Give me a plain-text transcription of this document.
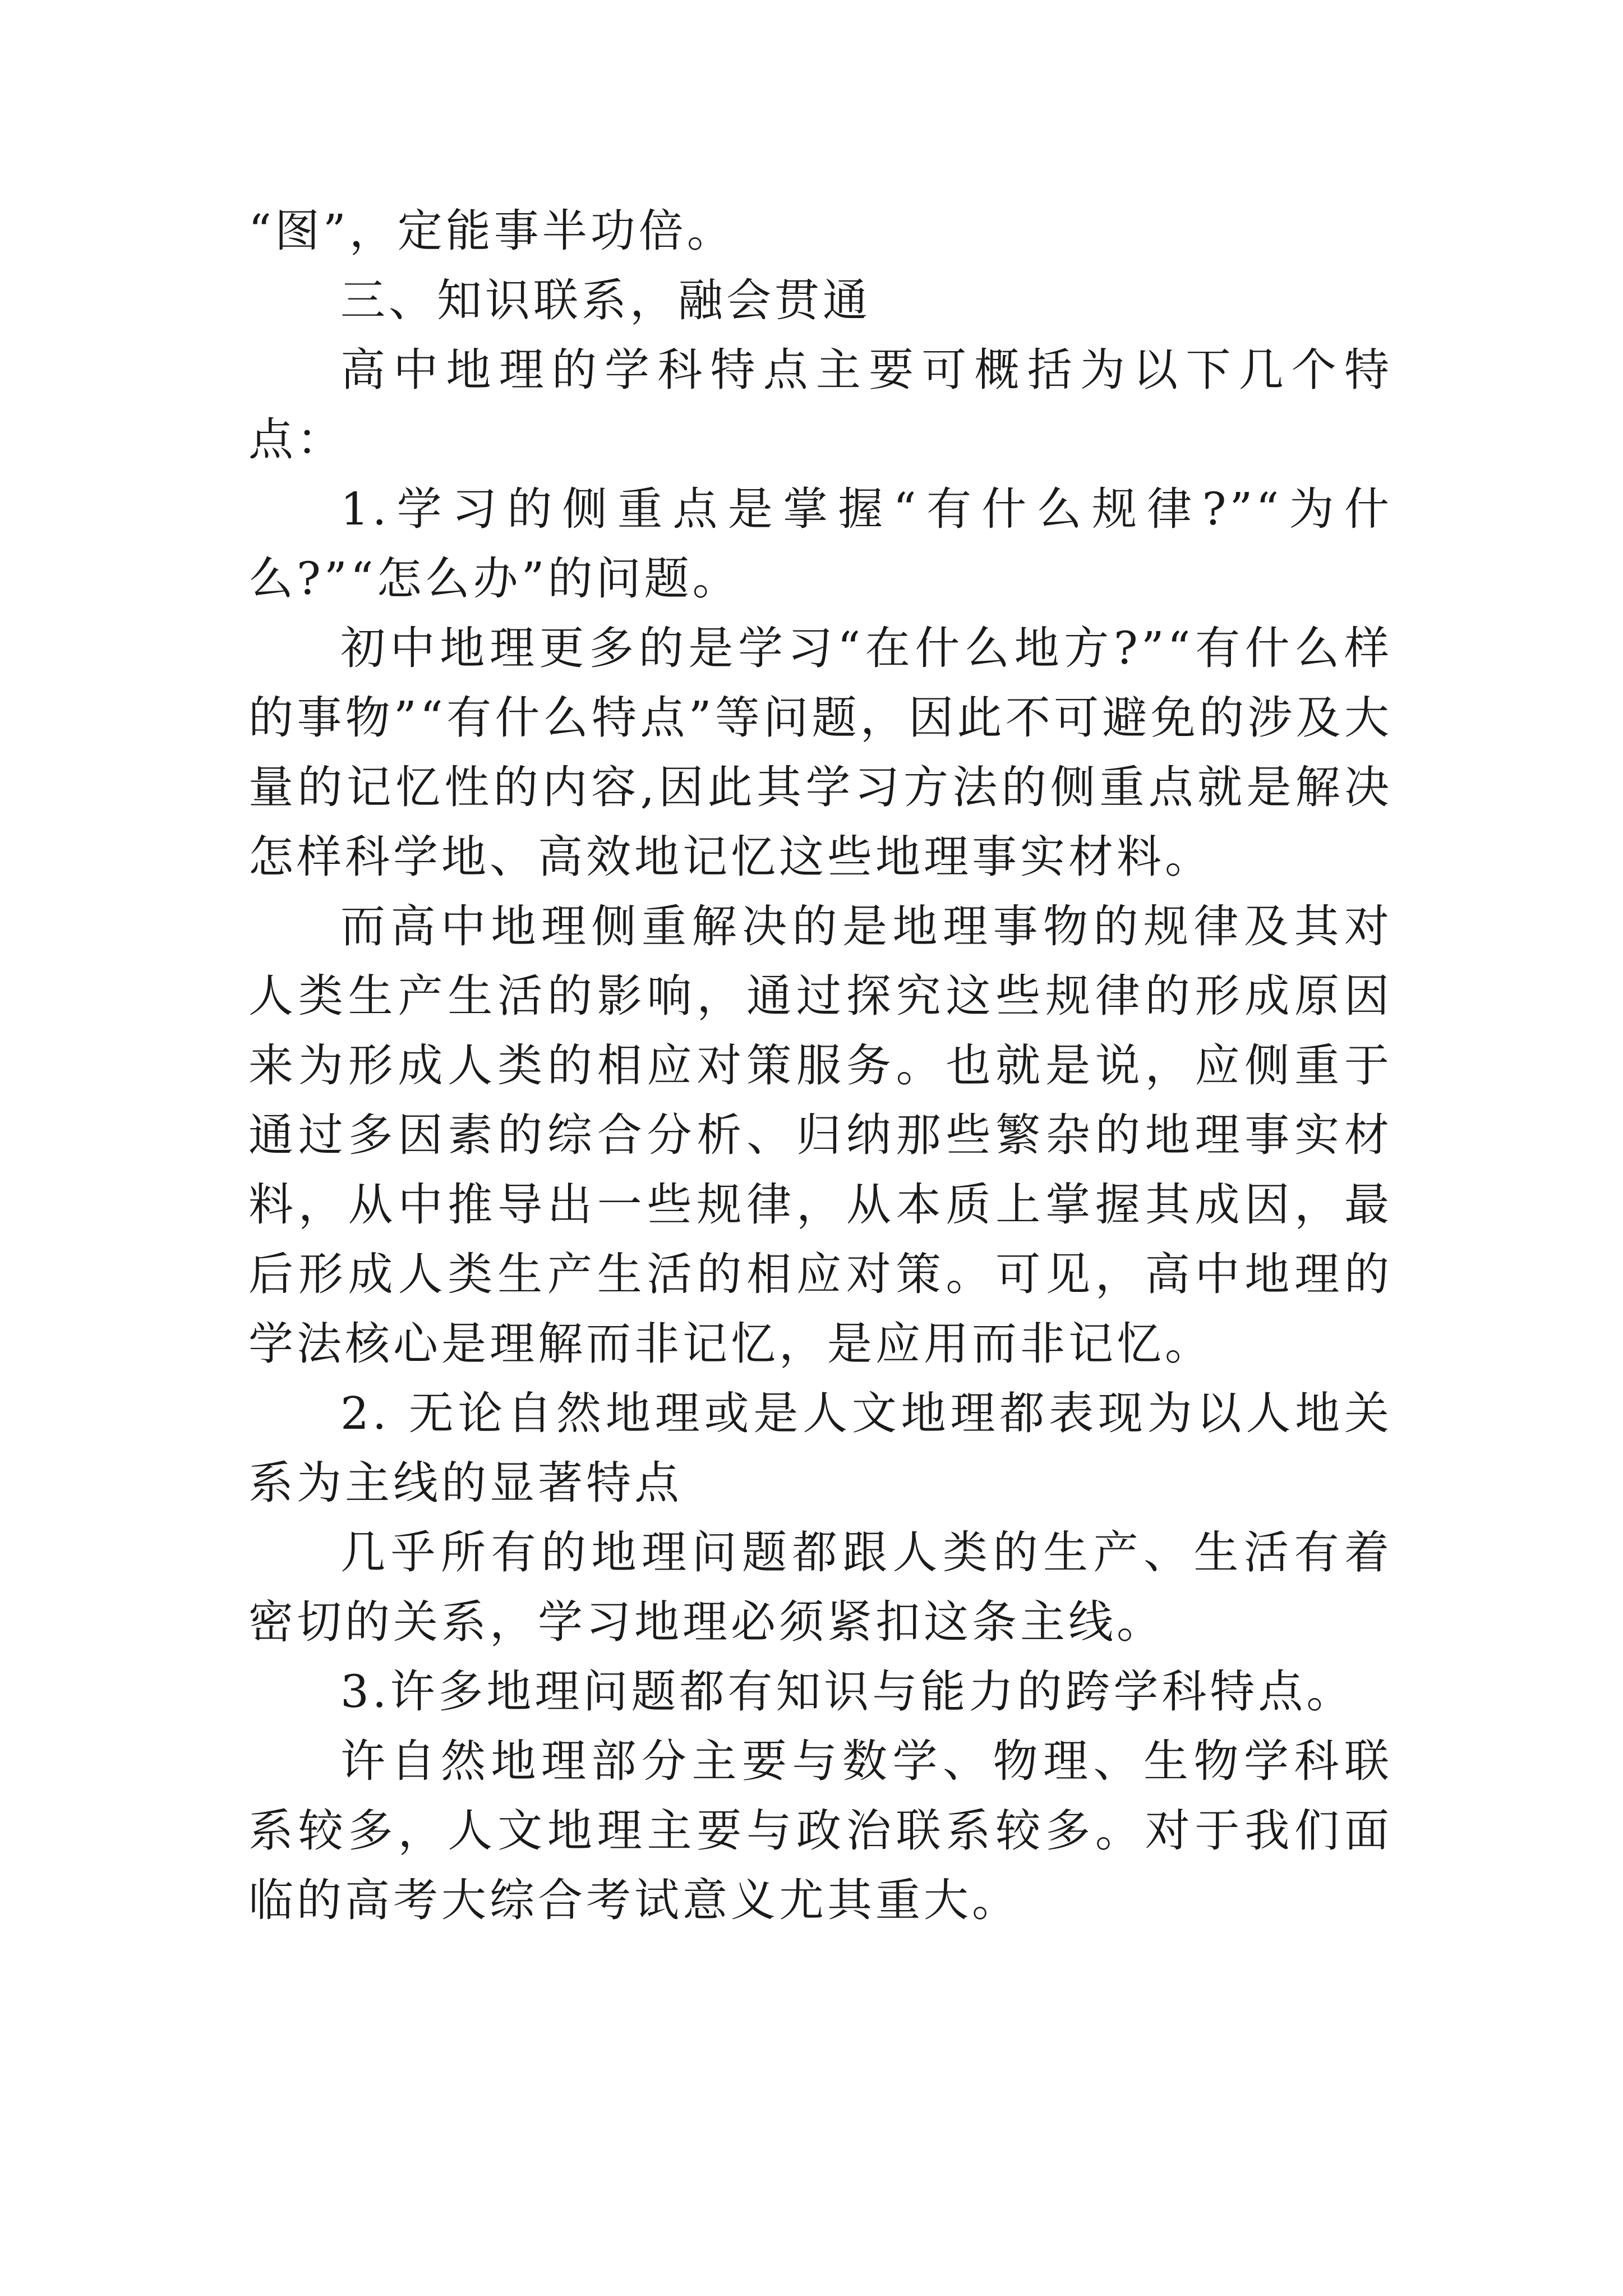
“图”，定能事半功倍。

三、知识联系，融会贯通

高中地理的学科特点主要可概括为以下几个特点：

1.学习的侧重点是掌握“有什么规律?”“为什么?”“怎么办”的问题。

初中地理更多的是学习“在什么地方?”“有什么样的事物”“有什么特点”等问题，因此不可避免的涉及大量的记忆性的内容,因此其学习方法的侧重点就是解决怎样科学地、高效地记忆这些地理事实材料。

而高中地理侧重解决的是地理事物的规律及其对人类生产生活的影响，通过探究这些规律的形成原因来为形成人类的相应对策服务。也就是说，应侧重于通过多因素的综合分析、归纳那些繁杂的地理事实材料，从中推导出一些规律，从本质上掌握其成因，最后形成人类生产生活的相应对策。可见，高中地理的学法核心是理解而非记忆，是应用而非记忆。

2. 无论自然地理或是人文地理都表现为以人地关系为主线的显著特点

几乎所有的地理问题都跟人类的生产、生活有着密切的关系，学习地理必须紧扣这条主线。

3.许多地理问题都有知识与能力的跨学科特点。

许自然地理部分主要与数学、物理、生物学科联系较多，人文地理主要与政治联系较多。对于我们面临的高考大综合考试意义尤其重大。
